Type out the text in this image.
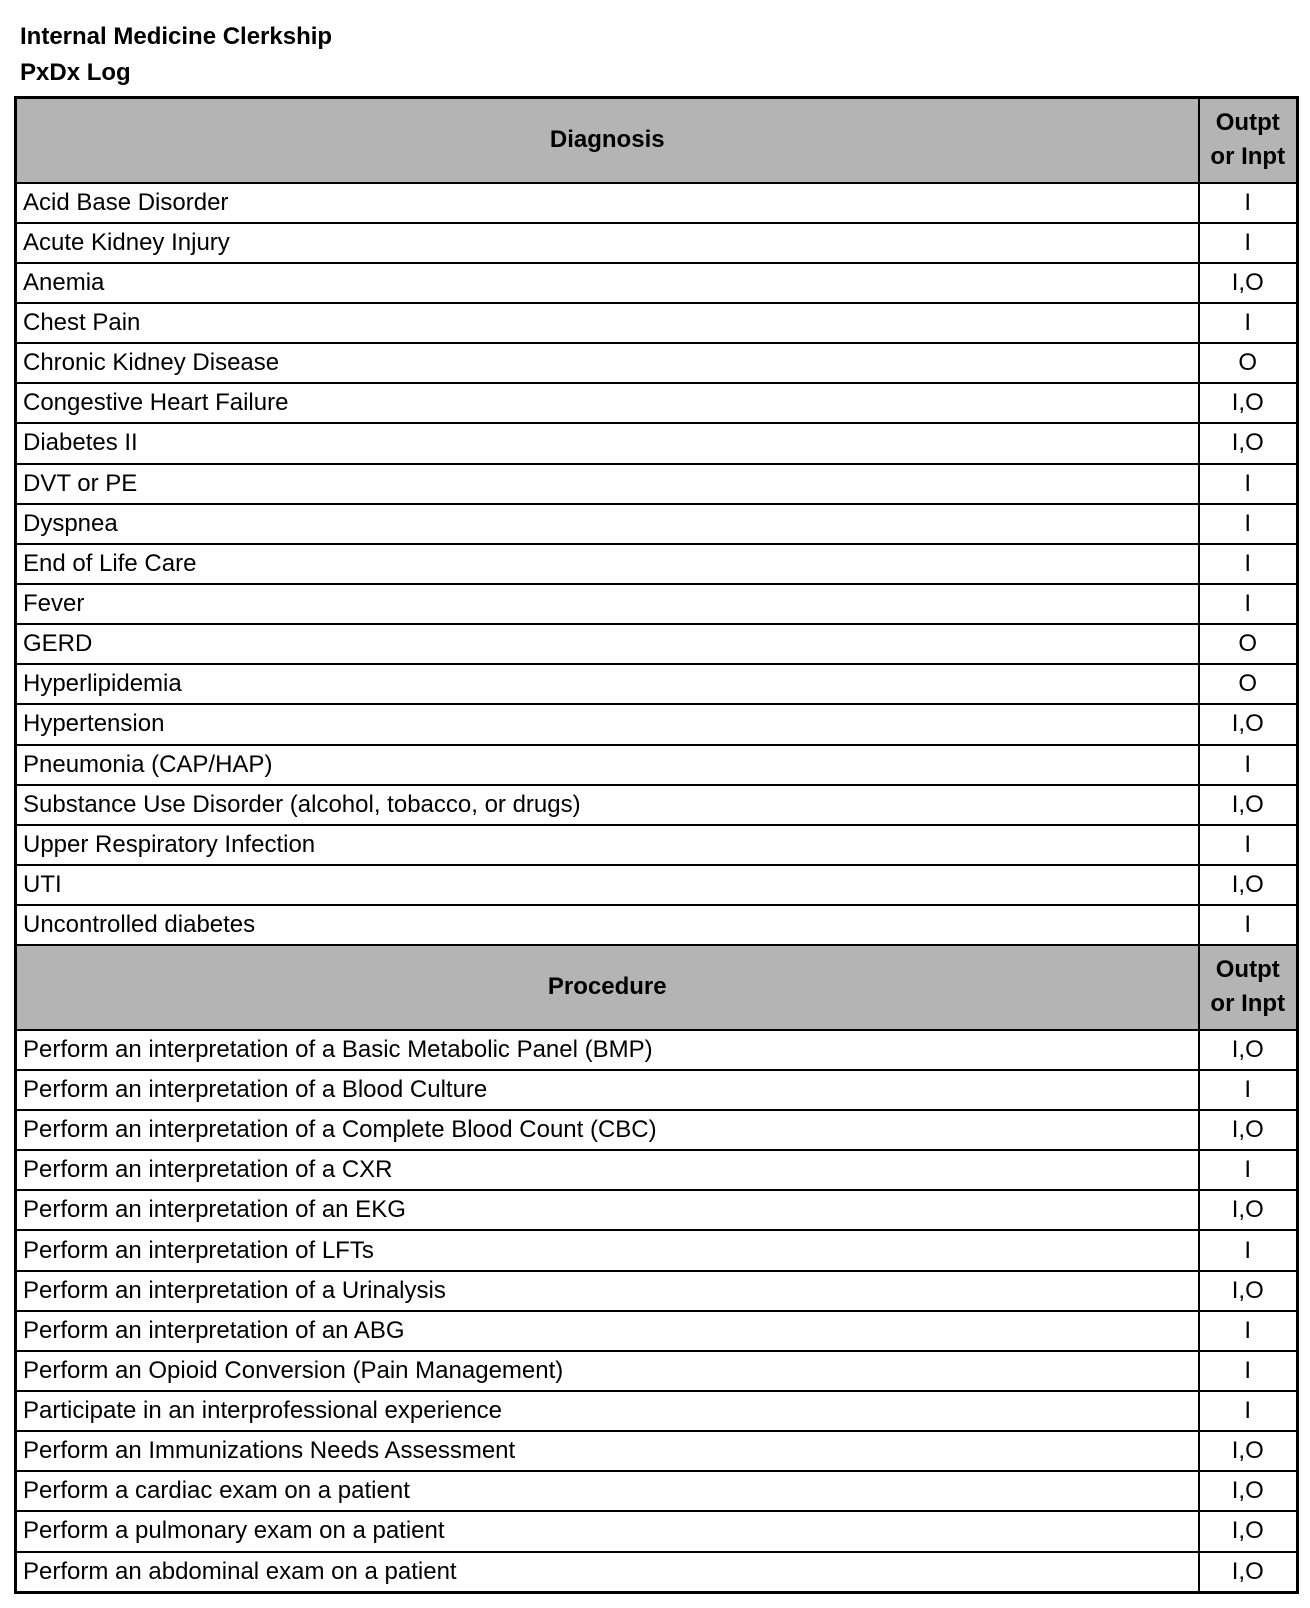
Internal Medicine Clerkship
PxDx Log
Diagnosis	Outpt
or Inpt

Acid Base Disorder	I
Acute Kidney Injury	I
Anemia	I,O
Chest Pain	I
Chronic Kidney Disease	O
Congestive Heart Failure	I,O
Diabetes II	I,O
DVT or PE	I
Dyspnea	I
End of Life Care	I
Fever	I
GERD	O
Hyperlipidemia	O
Hypertension	I,O
Pneumonia (CAP/HAP)	I
Substance Use Disorder (alcohol, tobacco, or drugs)	I,O
Upper Respiratory Infection	I
UTI	I,O
Uncontrolled diabetes	I
Procedure	Outpt
or Inpt

Perform an interpretation of a Basic Metabolic Panel (BMP)	I,O
Perform an interpretation of a Blood Culture	I
Perform an interpretation of a Complete Blood Count (CBC)	I,O
Perform an interpretation of a CXR	I
Perform an interpretation of an EKG	I,O
Perform an interpretation of LFTs	I
Perform an interpretation of a Urinalysis	I,O
Perform an interpretation of an ABG	I
Perform an Opioid Conversion (Pain Management)	I
Participate in an interprofessional experience	I
Perform an Immunizations Needs Assessment	I,O
Perform a cardiac exam on a patient	I,O
Perform a pulmonary exam on a patient	I,O
Perform an abdominal exam on a patient	I,O
